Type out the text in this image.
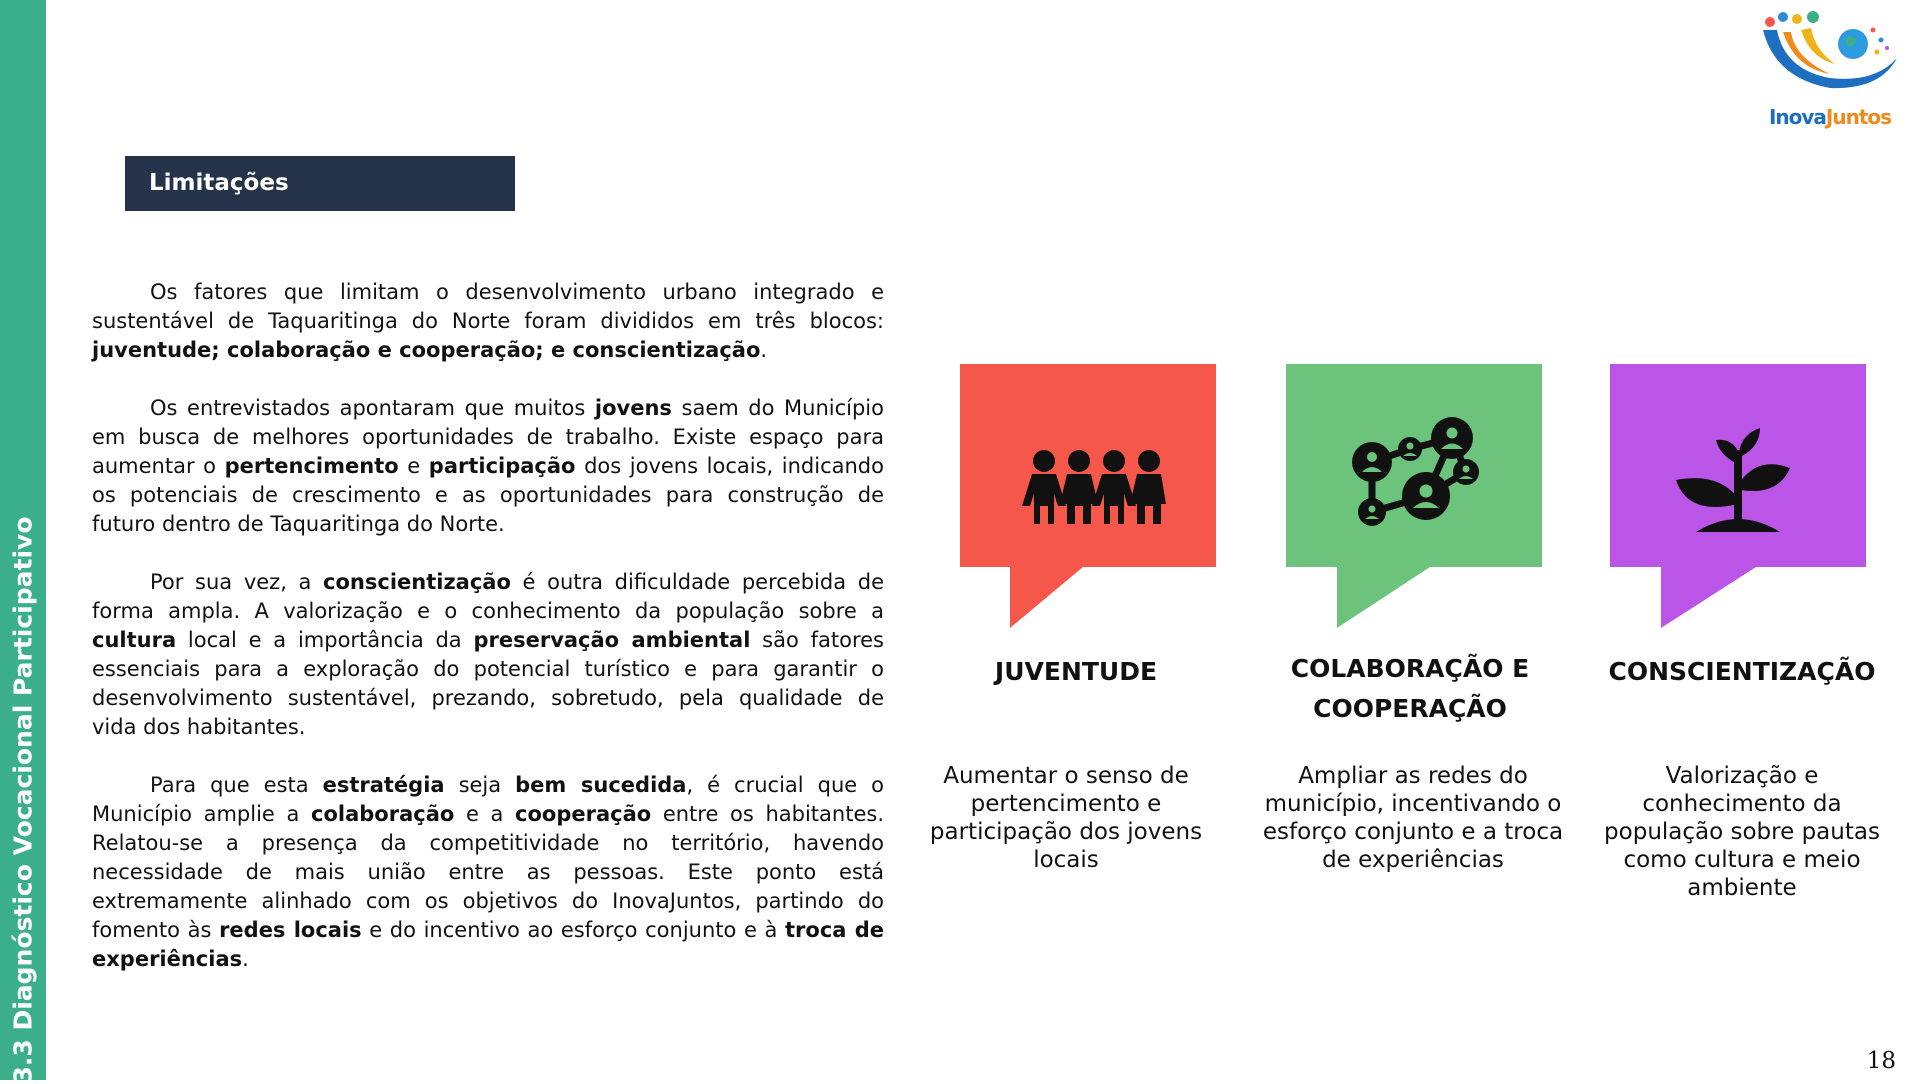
3.3 Diagnóstico Vocacional Participativo
InovaJuntos
Limitações

Os fatores que limitam o desenvolvimento urbano integrado e sustentável de Taquaritinga do Norte foram divididos em três blocos: juventude; colaboração e cooperação; e conscientização.

Os entrevistados apontaram que muitos jovens saem do Município em busca de melhores oportunidades de trabalho. Existe espaço para aumentar o pertencimento e participação dos jovens locais, indicando os potenciais de crescimento e as oportunidades para construção de futuro dentro de Taquaritinga do Norte.

Por sua vez, a conscientização é outra dificuldade percebida de forma ampla. A valorização e o conhecimento da população sobre a cultura local e a importância da preservação ambiental são fatores essenciais para a exploração do potencial turístico e para garantir o desenvolvimento sustentável, prezando, sobretudo, pela qualidade de vida dos habitantes.

Para que esta estratégia seja bem sucedida, é crucial que o Município amplie a colaboração e a cooperação entre os habitantes. Relatou-se a presença da competitividade no território, havendo necessidade de mais união entre as pessoas. Este ponto está extremamente alinhado com os objetivos do InovaJuntos, partindo do fomento às redes locais e do incentivo ao esforço conjunto e à troca de experiências.

JUVENTUDE	COLABORAÇÃO E COOPERAÇÃO
CONSCIENTIZAÇÃO
Aumentar o senso de pertencimento e participação dos jovens locais
Ampliar as redes do município, incentivando o esforço conjunto e a troca de experiências
Valorização e conhecimento da população sobre pautas como cultura e meio ambiente
18
